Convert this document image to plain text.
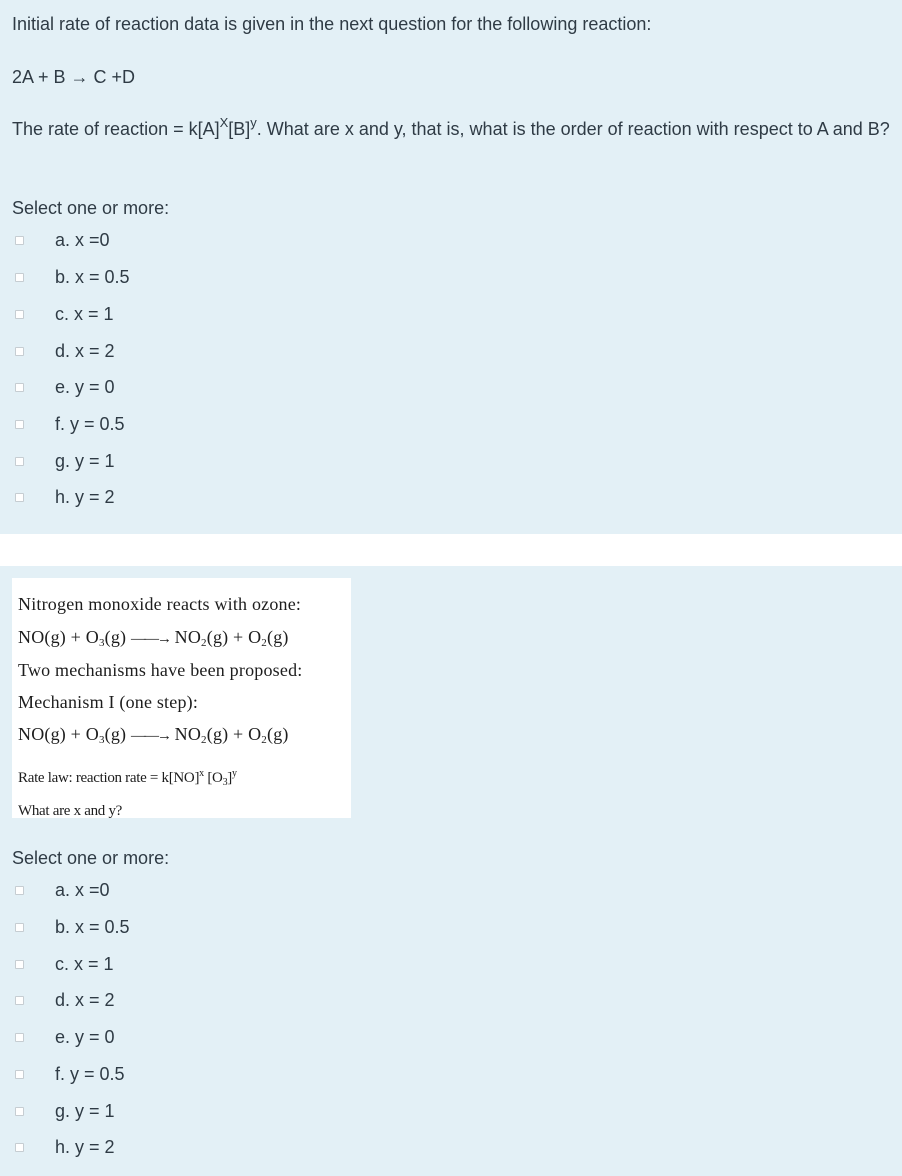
Initial rate of reaction data is given in the next question for the following reaction:
2A + B → C +D
The rate of reaction = $k[A]^X[B]^y$. What are x and y, that is, what is the order of reaction with respect to A and B?
Select one or more:
a. x =0
b. x = 0.5
c. x = 1
d. x = 2
e. y = 0
f. y = 0.5
g. y = 1
h. y = 2
Nitrogen monoxide reacts with ozone:
$NO(g) + O_3(g)$ ——→ $NO_2(g) + O_2(g)$
Two mechanisms have been proposed:
Mechanism I (one step):
$NO(g) + O_3(g)$ ——→ $NO_2(g) + O_2(g)$
Rate law: reaction rate = k[NO]$^x$ $[O_3]^y$
What are x and y?
Select one or more:
a. x =0
b. x = 0.5
c. x = 1
d. x = 2
e. y = 0
f. y = 0.5
g. y = 1
h. y = 2
